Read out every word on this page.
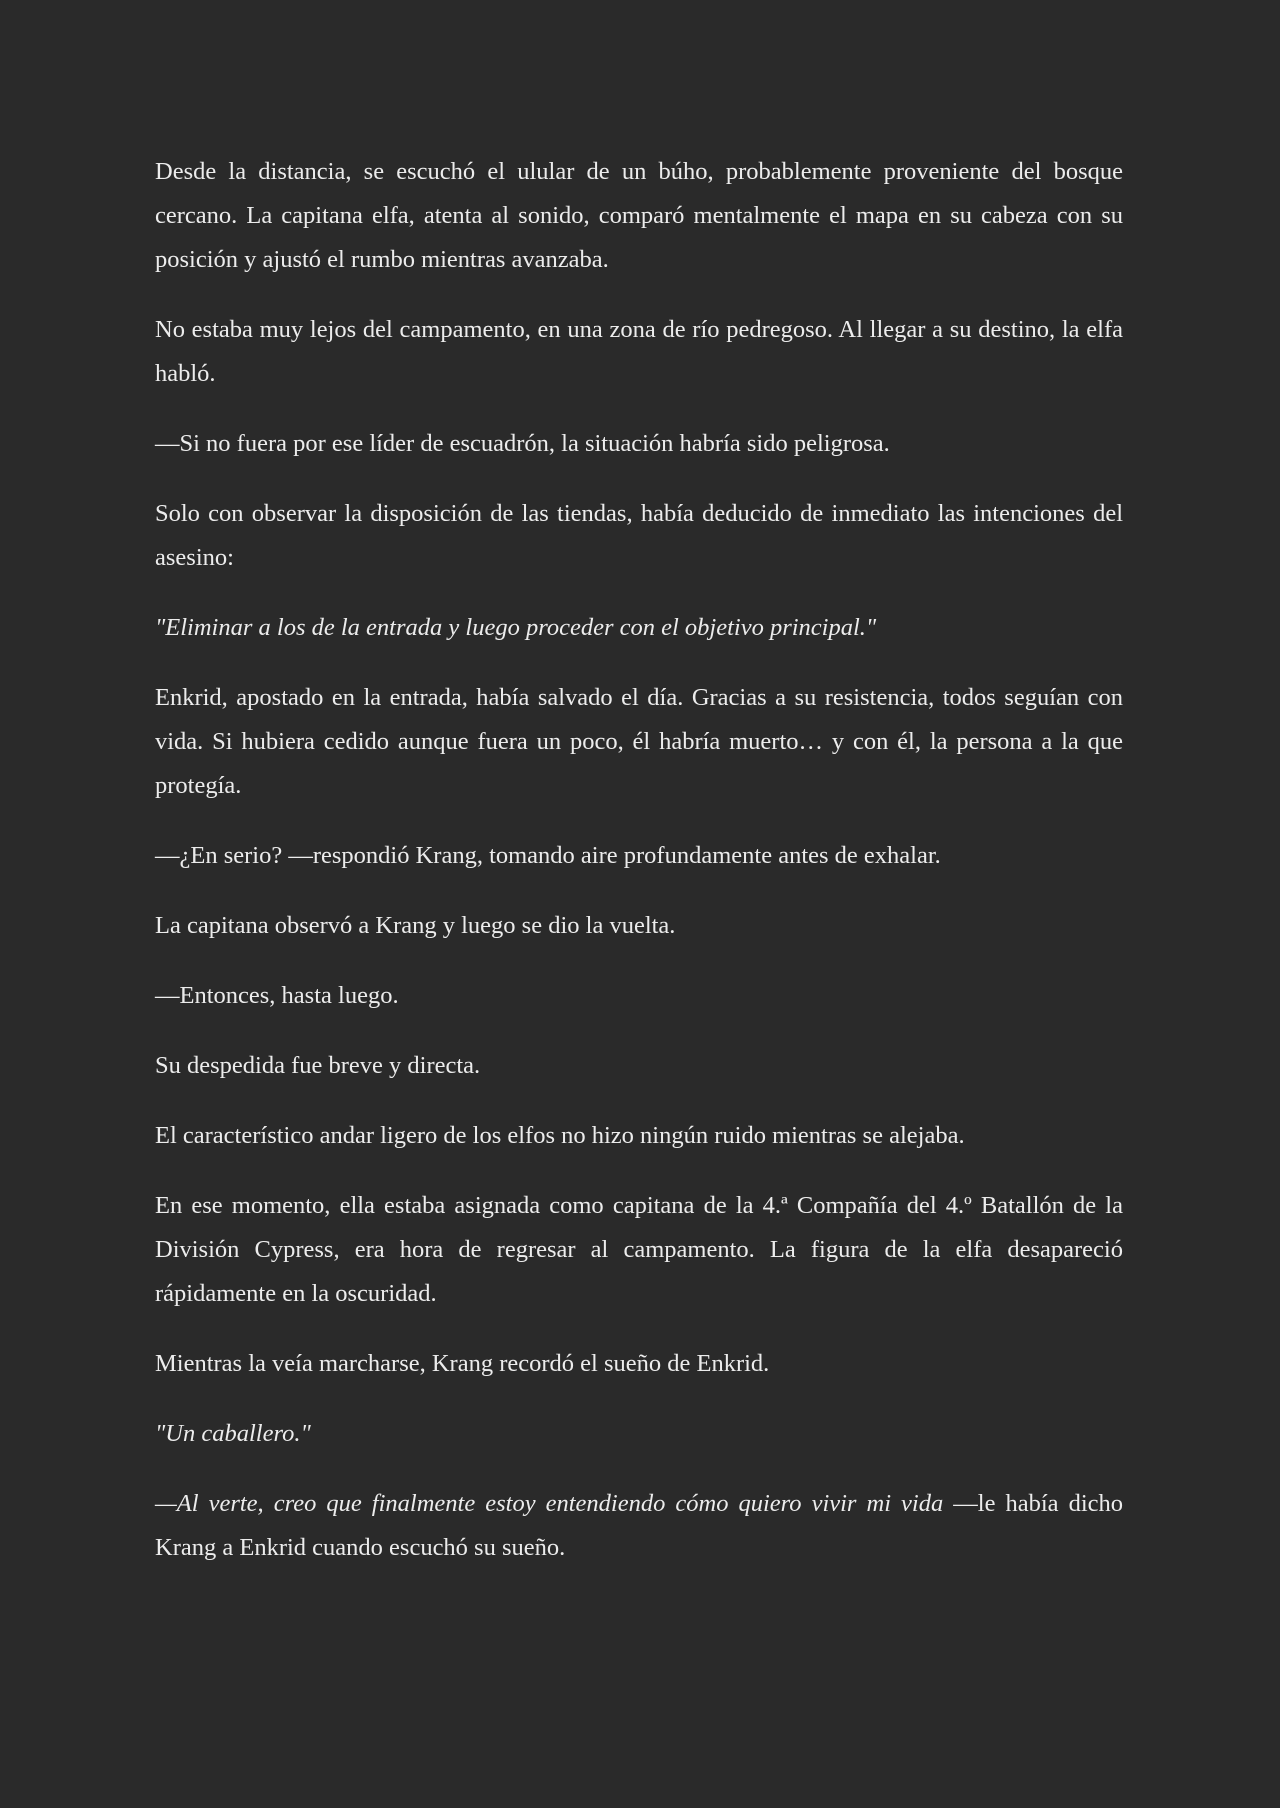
Desde la distancia, se escuchó el ulular de un búho, probablemente proveniente del bosque cercano. La capitana elfa, atenta al sonido, comparó mentalmente el mapa en su cabeza con su posición y ajustó el rumbo mientras avanzaba.

No estaba muy lejos del campamento, en una zona de río pedregoso. Al llegar a su destino, la elfa habló.

—Si no fuera por ese líder de escuadrón, la situación habría sido peligrosa.

Solo con observar la disposición de las tiendas, había deducido de inmediato las intenciones del asesino:

"Eliminar a los de la entrada y luego proceder con el objetivo principal."

Enkrid, apostado en la entrada, había salvado el día. Gracias a su resistencia, todos seguían con vida. Si hubiera cedido aunque fuera un poco, él habría muerto… y con él, la persona a la que protegía.

—¿En serio? —respondió Krang, tomando aire profundamente antes de exhalar.

La capitana observó a Krang y luego se dio la vuelta.

—Entonces, hasta luego.

Su despedida fue breve y directa.

El característico andar ligero de los elfos no hizo ningún ruido mientras se alejaba.

En ese momento, ella estaba asignada como capitana de la 4.ª Compañía del 4.º Batallón de la División Cypress, era hora de regresar al campamento. La figura de la elfa desapareció rápidamente en la oscuridad.

Mientras la veía marcharse, Krang recordó el sueño de Enkrid.

"Un caballero."

—Al verte, creo que finalmente estoy entendiendo cómo quiero vivir mi vida —le había dicho Krang a Enkrid cuando escuchó su sueño.
